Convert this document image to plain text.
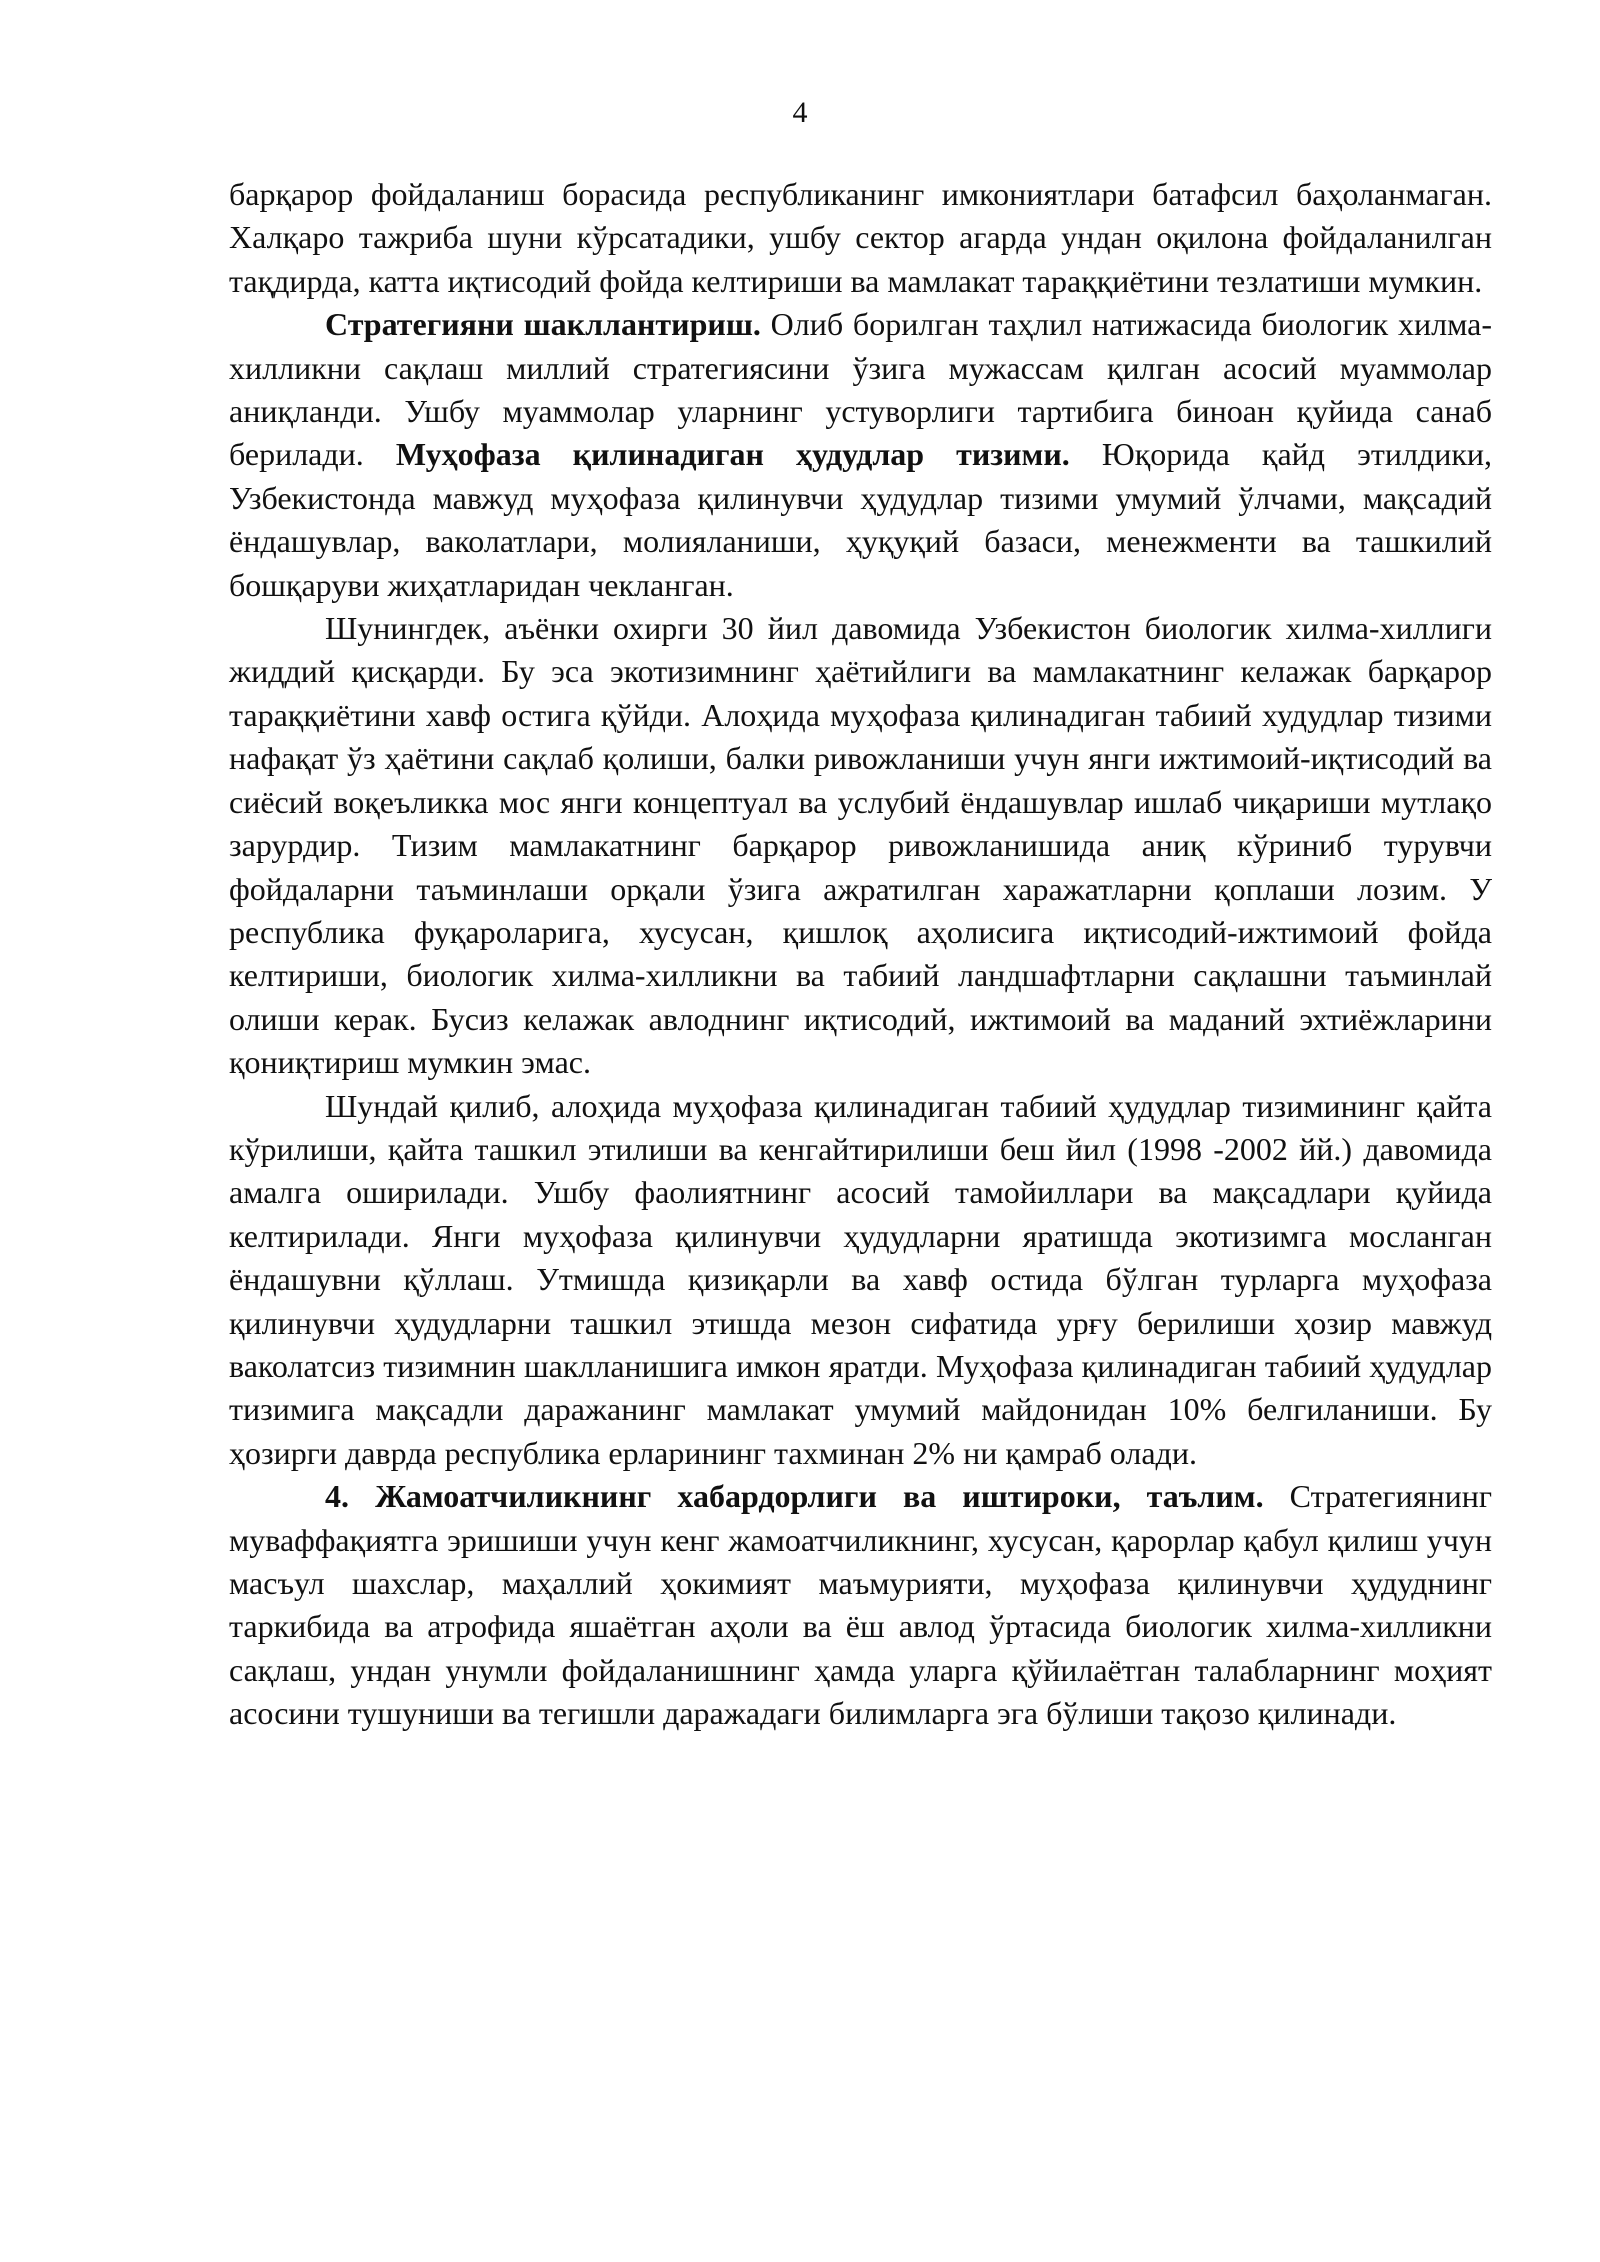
4

барқарор фойдаланиш борасида республиканинг имкониятлари батафсил баҳоланмаган. Халқаро тажриба шуни кўрсатадики, ушбу сектор агарда ундан оқилона фойдаланилган тақдирда, катта иқтисодий фойда келтириши ва мамлакат тараққиётини тезлатиши мумкин.

Стратегияни шакллантириш. Олиб борилган таҳлил натижасида биологик хилма-хилликни сақлаш миллий стратегиясини ўзига мужассам қилган асосий муаммолар аниқланди. Ушбу муаммолар уларнинг устуворлиги тартибига биноан қуйида санаб берилади. Муҳофаза қилинадиган ҳудудлар тизими. Юқорида қайд этилдики, Узбекистонда мавжуд муҳофаза қилинувчи ҳудудлар тизими умумий ўлчами, мақсадий ёндашувлар, ваколатлари, молияланиши, ҳуқуқий базаси, менежменти ва ташкилий бошқаруви жиҳатларидан чекланган.

Шунингдек, аъёнки охирги 30 йил давомида Узбекистон биологик хилма-хиллиги жиддий қисқарди. Бу эса экотизимнинг ҳаётийлиги ва мамлакатнинг келажак барқарор тараққиётини хавф остига қўйди. Алоҳида муҳофаза қилинадиган табиий худудлар тизими нафақат ўз ҳаётини сақлаб қолиши, балки ривожланиши учун янги ижтимоий-иқтисодий ва сиёсий воқеъликка мос янги концептуал ва услубий ёндашувлар ишлаб чиқариши мутлақо зарурдир. Тизим мамлакатнинг барқарор ривожланишида аниқ кўриниб турувчи фойдаларни таъминлаши орқали ўзига ажратилган харажатларни қоплаши лозим. У республика фуқароларига, хусусан, қишлоқ аҳолисига иқтисодий-ижтимоий фойда келтириши, биологик хилма-хилликни ва табиий ландшафтларни сақлашни таъминлай олиши керак. Бусиз келажак авлоднинг иқтисодий, ижтимоий ва маданий эхтиёжларини қониқтириш мумкин эмас.

Шундай қилиб, алоҳида муҳофаза қилинадиган табиий ҳудудлар тизимининг қайта кўрилиши, қайта ташкил этилиши ва кенгайтирилиши беш йил (1998 -2002 йй.) давомида амалга оширилади. Ушбу фаолиятнинг асосий тамойиллари ва мақсадлари қуйида келтирилади. Янги муҳофаза қилинувчи ҳудудларни яратишда экотизимга мосланган ёндашувни қўллаш. Утмишда қизиқарли ва хавф остида бўлган турларга муҳофаза қилинувчи ҳудудларни ташкил этишда мезон сифатида урғу берилиши ҳозир мавжуд ваколатсиз тизимнин шаклланишига имкон яратди. Муҳофаза қилинадиган табиий ҳудудлар тизимига мақсадли даражанинг мамлакат умумий майдонидан 10% белгиланиши. Бу ҳозирги даврда республика ерларининг тахминан 2% ни қамраб олади.

4. Жамоатчиликнинг хабардорлиги ва иштироки, таълим. Стратегиянинг муваффақиятга эришиши учун кенг жамоатчиликнинг, хусусан, қарорлар қабул қилиш учун масъул шахслар, маҳаллий ҳокимият маъмурияти, муҳофаза қилинувчи ҳудуднинг таркибида ва атрофида яшаётган аҳоли ва ёш авлод ўртасида биологик хилма-хилликни сақлаш, ундан унумли фойдаланишнинг ҳамда уларга қўйилаётган талабларнинг моҳият асосини тушуниши ва тегишли даражадаги билимларга эга бўлиши тақозо қилинади.
